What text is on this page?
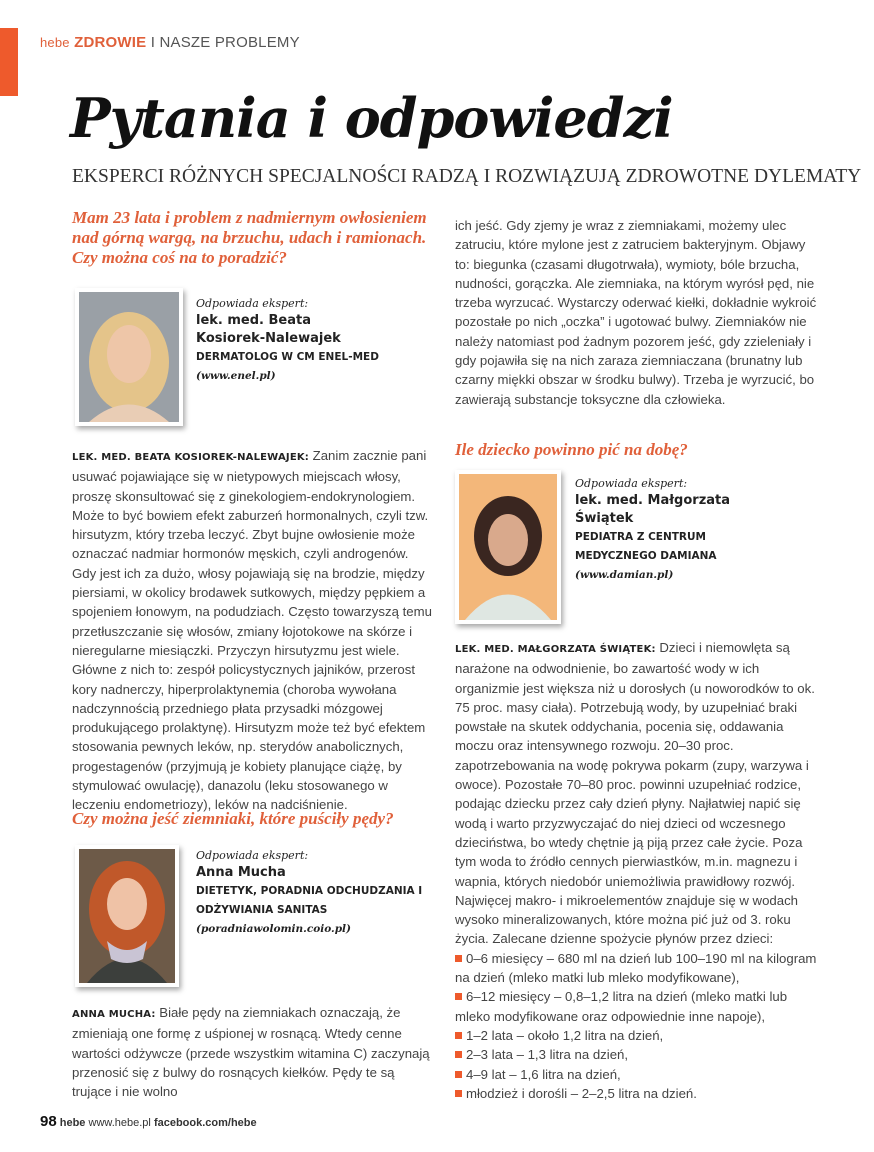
hebe ZDROWIE I NASZE PROBLEMY
Pytania i odpowiedzi
EKSPERCI RÓŻNYCH SPECJALNOŚCI RADZĄ I ROZWIĄZUJĄ ZDROWOTNE DYLEMATY
Mam 23 lata i problem z nadmiernym owłosieniem nad górną wargą, na brzuchu, udach i ramionach. Czy można coś na to poradzić?
Odpowiada ekspert:
lek. med. Beata Kosiorek-Nalewajek
DERMATOLOG W CM ENEL-MED
(www.enel.pl)
LEK. MED. BEATA KOSIOREK-NALEWAJEK: Zanim zacznie pani usuwać pojawiające się w nietypowych miejscach włosy, proszę skonsultować się z ginekologiem-endokrynologiem. Może to być bowiem efekt zaburzeń hormonalnych, czyli tzw. hirsutyzm, który trzeba leczyć. Zbyt bujne owłosienie może oznaczać nadmiar hormonów męskich, czyli androgenów. Gdy jest ich za dużo, włosy pojawiają się na brodzie, między piersiami, w okolicy brodawek sutkowych, między pępkiem a spojeniem łonowym, na podudziach. Często towarzyszą temu przetłuszczanie się włosów, zmiany łojotokowe na skórze i nieregularne miesiączki. Przyczyn hirsutyzmu jest wiele. Główne z nich to: zespół policystycznych jajników, przerost kory nadnerczy, hiperprolaktynemia (choroba wywołana nadczynnością przedniego płata przysadki mózgowej produkującego prolaktynę). Hirsutyzm może też być efektem stosowania pewnych leków, np. sterydów anabolicznych, progestagenów (przyjmują je kobiety planujące ciążę, by stymulować owulację), danazolu (leku stosowanego w leczeniu endometriozy), leków na nadciśnienie.
Czy można jeść ziemniaki, które puściły pędy?
Odpowiada ekspert:
Anna Mucha
DIETETYK, PORADNIA ODCHUDZANIA I ODŻYWIANIA SANITAS
(poradniawolomin.coio.pl)
ANNA MUCHA: Białe pędy na ziemniakach oznaczają, że zmieniają one formę z uśpionej w rosnącą. Wtedy cenne wartości odżywcze (przede wszystkim witamina C) zaczynają przenosić się z bulwy do rosnących kiełków. Pędy te są trujące i nie wolno
ich jeść. Gdy zjemy je wraz z ziemniakami, możemy ulec zatruciu, które mylone jest z zatruciem bakteryjnym. Objawy to: biegunka (czasami długotrwała), wymioty, bóle brzucha, nudności, gorączka. Ale ziemniaka, na którym wyrósł pęd, nie trzeba wyrzucać. Wystarczy oderwać kiełki, dokładnie wykroić pozostałe po nich „oczka” i ugotować bulwy. Ziemniaków nie należy natomiast pod żadnym pozorem jeść, gdy zzieleniały i gdy pojawiła się na nich zaraza ziemniaczana (brunatny lub czarny miękki obszar w środku bulwy). Trzeba je wyrzucić, bo zawierają substancje toksyczne dla człowieka.
Ile dziecko powinno pić na dobę?
Odpowiada ekspert:
lek. med. Małgorzata Świątek
PEDIATRA Z CENTRUM MEDYCZNEGO DAMIANA
(www.damian.pl)
LEK. MED. MAŁGORZATA ŚWIĄTEK: Dzieci i niemowlęta są narażone na odwodnienie, bo zawartość wody w ich organizmie jest większa niż u dorosłych (u noworodków to ok. 75 proc. masy ciała). Potrzebują wody, by uzupełniać braki powstałe na skutek oddychania, pocenia się, oddawania moczu oraz intensywnego rozwoju. 20–30 proc. zapotrzebowania na wodę pokrywa pokarm (zupy, warzywa i owoce). Pozostałe 70–80 proc. powinni uzupełniać rodzice, podając dziecku przez cały dzień płyny. Najłatwiej napić się wodą i warto przyzwyczajać do niej dzieci od wczesnego dzieciństwa, bo wtedy chętnie ją piją przez całe życie. Poza tym woda to źródło cennych pierwiastków, m.in. magnezu i wapnia, których niedobór uniemożliwia prawidłowy rozwój. Najwięcej makro- i mikroelementów znajduje się w wodach wysoko mineralizowanych, które można pić już od 3. roku życia. Zalecane dzienne spożycie płynów przez dzieci:
0–6 miesięcy – 680 ml na dzień lub 100–190 ml na kilogram na dzień (mleko matki lub mleko modyfikowane),
6–12 miesięcy – 0,8–1,2 litra na dzień (mleko matki lub mleko modyfikowane oraz odpowiednie inne napoje),
1–2 lata – około 1,2 litra na dzień,
2–3 lata – 1,3 litra na dzień,
4–9 lat – 1,6 litra na dzień,
młodzież i dorośli – 2–2,5 litra na dzień.
98 hebe www.hebe.pl facebook.com/hebe
